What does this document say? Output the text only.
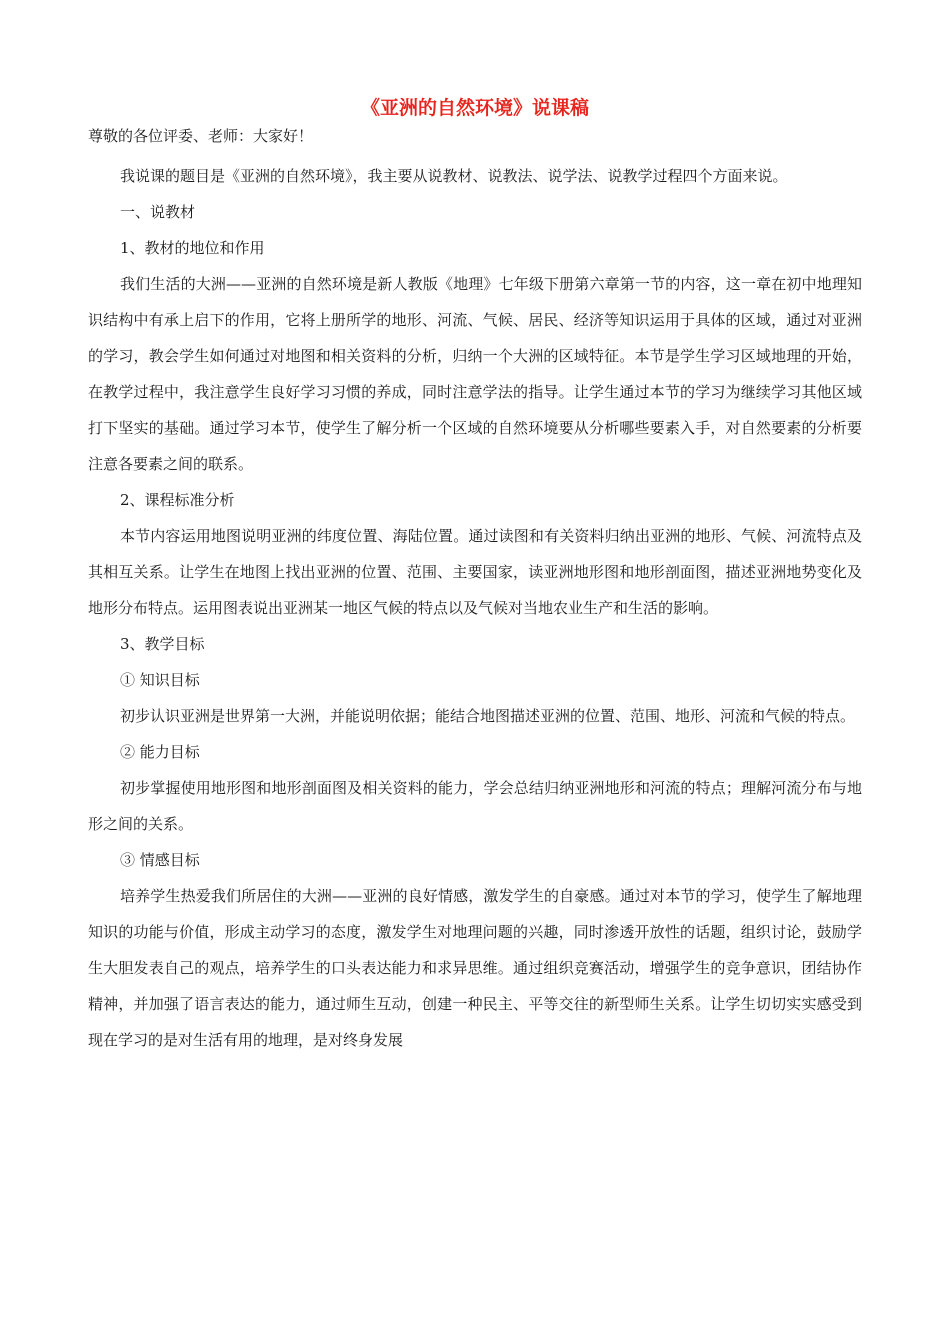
《亚洲的自然环境》说课稿

尊敬的各位评委、老师：大家好！

我说课的题目是《亚洲的自然环境》，我主要从说教材、说教法、说学法、说教学过程四个方面来说。

一、说教材

1、教材的地位和作用

我们生活的大洲——亚洲的自然环境是新人教版《地理》七年级下册第六章第一节的内容，这一章在初中地理知识结构中有承上启下的作用，它将上册所学的地形、河流、气候、居民、经济等知识运用于具体的区域，通过对亚洲的学习，教会学生如何通过对地图和相关资料的分析，归纳一个大洲的区域特征。本节是学生学习区域地理的开始，在教学过程中，我注意学生良好学习习惯的养成，同时注意学法的指导。让学生通过本节的学习为继续学习其他区域打下坚实的基础。通过学习本节，使学生了解分析一个区域的自然环境要从分析哪些要素入手，对自然要素的分析要注意各要素之间的联系。

2、课程标准分析

本节内容运用地图说明亚洲的纬度位置、海陆位置。通过读图和有关资料归纳出亚洲的地形、气候、河流特点及其相互关系。让学生在地图上找出亚洲的位置、范围、主要国家，读亚洲地形图和地形剖面图，描述亚洲地势变化及地形分布特点。运用图表说出亚洲某一地区气候的特点以及气候对当地农业生产和生活的影响。

3、教学目标

① 知识目标

初步认识亚洲是世界第一大洲，并能说明依据；能结合地图描述亚洲的位置、范围、地形、河流和气候的特点。

② 能力目标

初步掌握使用地形图和地形剖面图及相关资料的能力，学会总结归纳亚洲地形和河流的特点；理解河流分布与地形之间的关系。

③ 情感目标

培养学生热爱我们所居住的大洲——亚洲的良好情感，激发学生的自豪感。通过对本节的学习，使学生了解地理知识的功能与价值，形成主动学习的态度，激发学生对地理问题的兴趣，同时渗透开放性的话题，组织讨论，鼓励学生大胆发表自己的观点，培养学生的口头表达能力和求异思维。通过组织竞赛活动，增强学生的竞争意识，团结协作精神，并加强了语言表达的能力，通过师生互动，创建一种民主、平等交往的新型师生关系。让学生切切实实感受到现在学习的是对生活有用的地理，是对终身发展
